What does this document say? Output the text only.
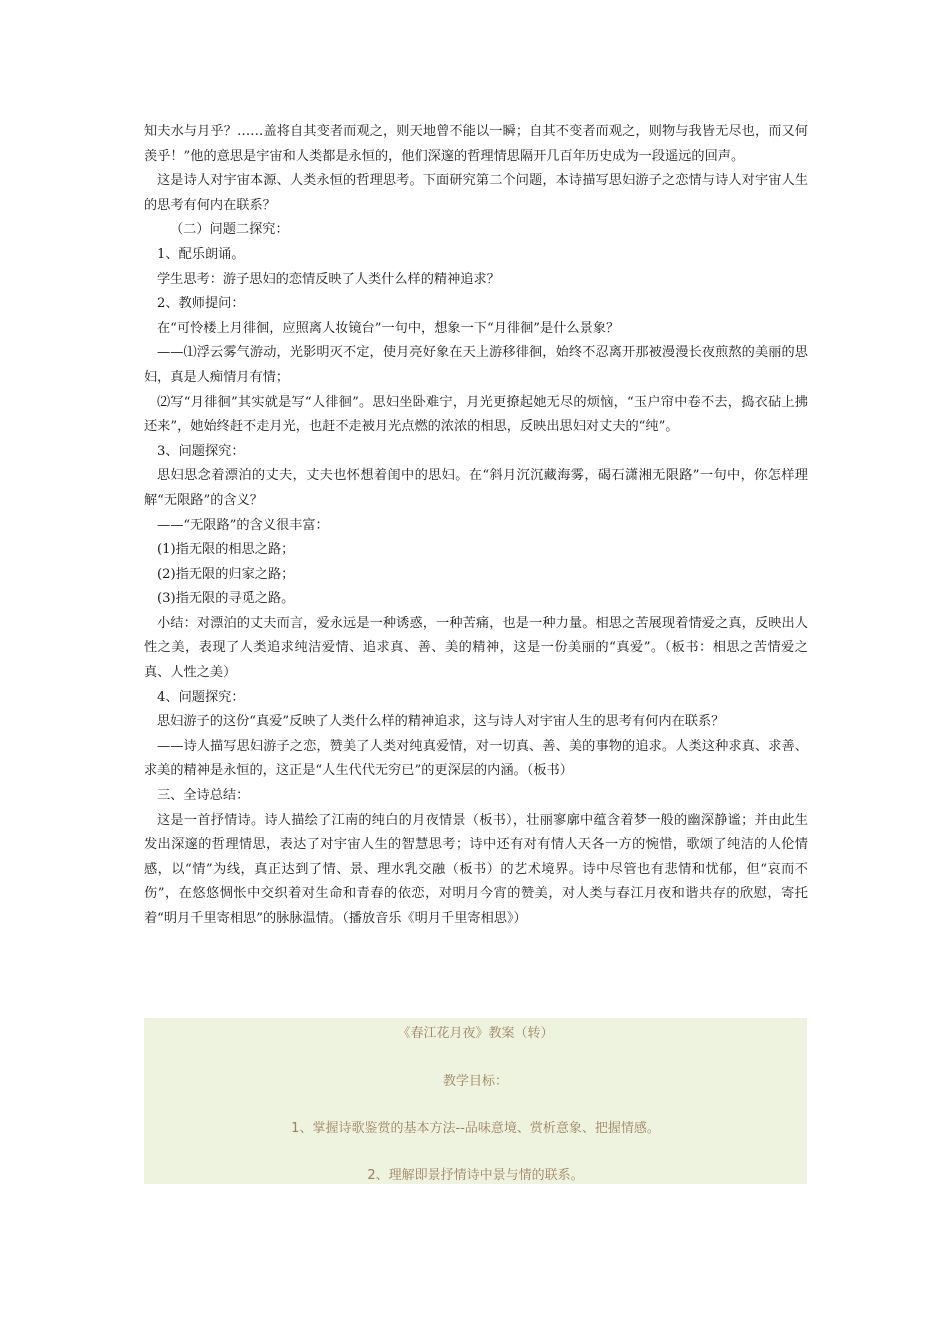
知夫水与月乎？……盖将自其变者而观之，则天地曾不能以一瞬；自其不变者而观之，则物与我皆无尽也，而又何羡乎！”他的意思是宇宙和人类都是永恒的，他们深邃的哲理情思隔开几百年历史成为一段遥远的回声。

这是诗人对宇宙本源、人类永恒的哲理思考。下面研究第二个问题，本诗描写思妇游子之恋情与诗人对宇宙人生的思考有何内在联系？

（二）问题二探究：

1、配乐朗诵。

学生思考：游子思妇的恋情反映了人类什么样的精神追求？

2、教师提问：

在“可怜楼上月徘徊，应照离人妆镜台”一句中，想象一下“月徘徊”是什么景象？

——⑴浮云雾气游动，光影明灭不定，使月亮好象在天上游移徘徊，始终不忍离开那被漫漫长夜煎熬的美丽的思妇，真是人痴情月有情；

⑵写“月徘徊”其实就是写“人徘徊”。思妇坐卧难宁，月光更撩起她无尽的烦恼，“玉户帘中卷不去，捣衣砧上拂还来”，她始终赶不走月光，也赶不走被月光点燃的浓浓的相思，反映出思妇对丈夫的“纯”。

3、问题探究：

思妇思念着漂泊的丈夫，丈夫也怀想着闺中的思妇。在“斜月沉沉藏海雾，碣石潇湘无限路”一句中，你怎样理解“无限路”的含义？

——“无限路”的含义很丰富：

(1)指无限的相思之路；

(2)指无限的归家之路；

(3)指无限的寻觅之路。

小结：对漂泊的丈夫而言，爱永远是一种诱惑，一种苦痛，也是一种力量。相思之苦展现着情爱之真，反映出人性之美，表现了人类追求纯洁爱情、追求真、善、美的精神，这是一份美丽的“真爱”。（板书：相思之苦情爱之真、人性之美）

4、问题探究：

思妇游子的这份“真爱”反映了人类什么样的精神追求，这与诗人对宇宙人生的思考有何内在联系？

——诗人描写思妇游子之恋，赞美了人类对纯真爱情，对一切真、善、美的事物的追求。人类这种求真、求善、求美的精神是永恒的，这正是“人生代代无穷已”的更深层的内涵。（板书）

三、全诗总结：

这是一首抒情诗。诗人描绘了江南的纯白的月夜情景（板书），壮丽寥廓中蕴含着梦一般的幽深静谧；并由此生发出深邃的哲理情思，表达了对宇宙人生的智慧思考；诗中还有对有情人天各一方的惋惜，歌颂了纯洁的人伦情感，以“情”为线，真正达到了情、景、理水乳交融（板书）的艺术境界。诗中尽管也有悲情和忧郁，但“哀而不伤”，在悠悠惆怅中交织着对生命和青春的依恋，对明月今宵的赞美，对人类与春江月夜和谐共存的欣慰，寄托着“明月千里寄相思”的脉脉温情。（播放音乐《明月千里寄相思》）

《春江花月夜》教案（转）
教学目标：
1、掌握诗歌鉴赏的基本方法--品味意境、赏析意象、把握情感。
2、理解即景抒情诗中景与情的联系。
